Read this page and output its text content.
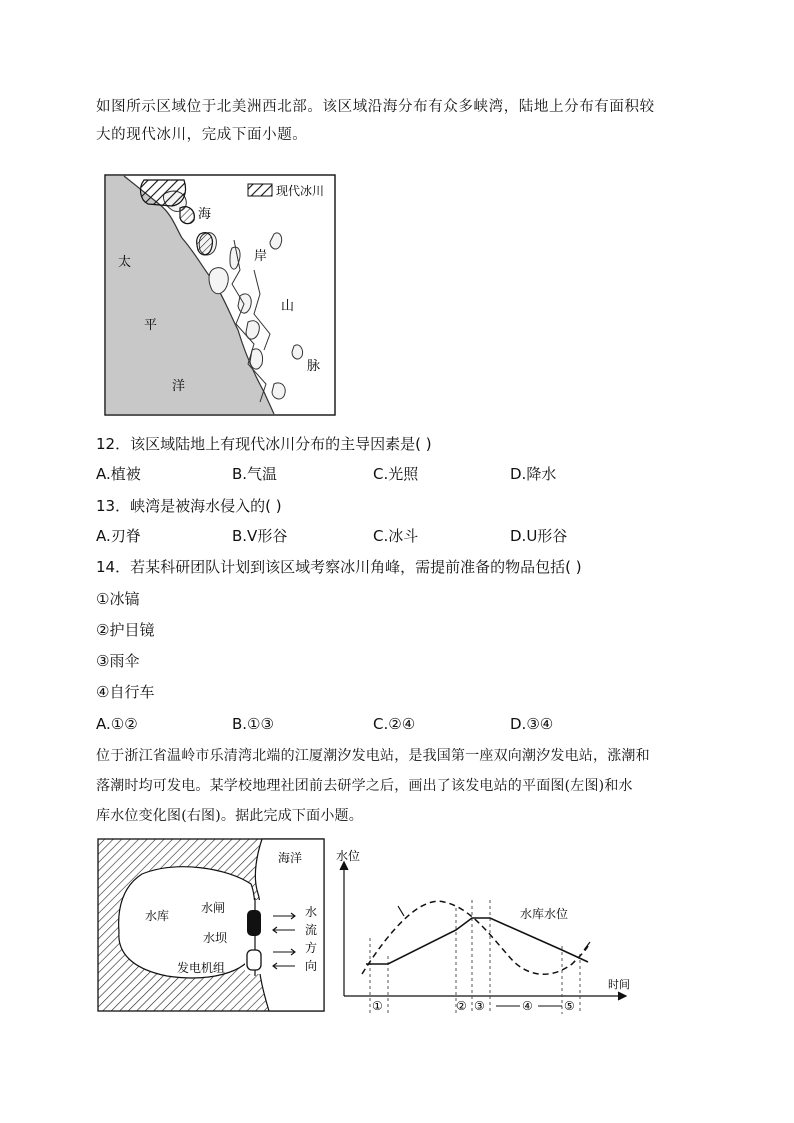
如图所示区域位于北美洲西北部。该区域沿海分布有众多峡湾，陆地上分布有面积较
大的现代冰川，完成下面小题。
现代冰川
海
岸
山
脉
太
平
洋
12．该区域陆地上有现代冰川分布的主导因素是( )
A.植被	B.气温	C.光照	D.降水
13．峡湾是被海水侵入的( )
A.刃脊	B.V形谷	C.冰斗	D.U形谷
14．若某科研团队计划到该区域考察冰川角峰，需提前准备的物品包括( )
①冰镐
②护目镜
③雨伞
④自行车
A.①②	B.①③	C.②④	D.③④
位于浙江省温岭市乐清湾北端的江厦潮汐发电站，是我国第一座双向潮汐发电站，涨潮和
落潮时均可发电。某学校地理社团前去研学之后，画出了该发电站的平面图(左图)和水
库水位变化图(右图)。据此完成下面小题。
海洋
水库
水闸
水坝
发电机组
水
流
方
向
水位
时间
水库水位
①	② ③	④	⑤
